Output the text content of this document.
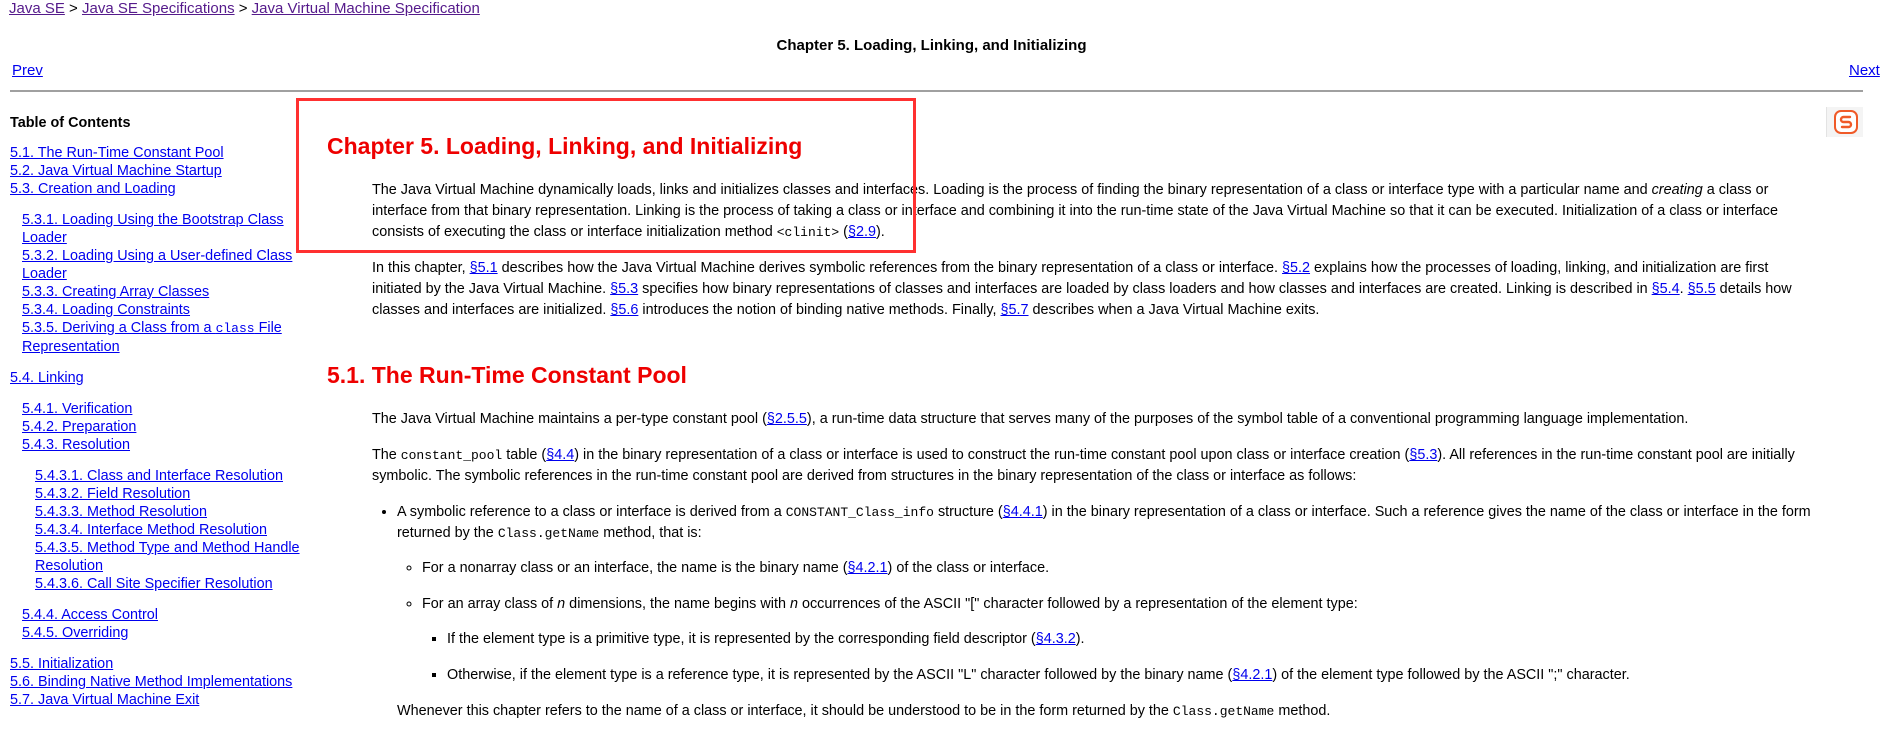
Java SE > Java SE Specifications > Java Virtual Machine Specification
Chapter 5. Loading, Linking, and Initializing
Prev	Next
Table of Contents
5.1. The Run-Time Constant Pool
5.2. Java Virtual Machine Startup
5.3. Creation and Loading
5.3.1. Loading Using the Bootstrap Class Loader
5.3.2. Loading Using a User-defined Class Loader
5.3.3. Creating Array Classes
5.3.4. Loading Constraints
5.3.5. Deriving a Class from a class File Representation
5.4. Linking
5.4.1. Verification
5.4.2. Preparation
5.4.3. Resolution
5.4.3.1. Class and Interface Resolution
5.4.3.2. Field Resolution
5.4.3.3. Method Resolution
5.4.3.4. Interface Method Resolution
5.4.3.5. Method Type and Method Handle Resolution
5.4.3.6. Call Site Specifier Resolution
5.4.4. Access Control
5.4.5. Overriding
5.5. Initialization
5.6. Binding Native Method Implementations
5.7. Java Virtual Machine Exit
Chapter 5. Loading, Linking, and Initializing

The Java Virtual Machine dynamically loads, links and initializes classes and interfaces. Loading is the process of finding the binary representation of a class or interface type with a particular name and creating a class or interface from that binary representation. Linking is the process of taking a class or interface and combining it into the run-time state of the Java Virtual Machine so that it can be executed. Initialization of a class or interface consists of executing the class or interface initialization method <clinit> (§2.9).

In this chapter, §5.1 describes how the Java Virtual Machine derives symbolic references from the binary representation of a class or interface. §5.2 explains how the processes of loading, linking, and initialization are first initiated by the Java Virtual Machine. §5.3 specifies how binary representations of classes and interfaces are loaded by class loaders and how classes and interfaces are created. Linking is described in §5.4. §5.5 details how classes and interfaces are initialized. §5.6 introduces the notion of binding native methods. Finally, §5.7 describes when a Java Virtual Machine exits.

5.1. The Run-Time Constant Pool

The Java Virtual Machine maintains a per-type constant pool (§2.5.5), a run-time data structure that serves many of the purposes of the symbol table of a conventional programming language implementation.

The constant_pool table (§4.4) in the binary representation of a class or interface is used to construct the run-time constant pool upon class or interface creation (§5.3). All references in the run-time constant pool are initially symbolic. The symbolic references in the run-time constant pool are derived from structures in the binary representation of the class or interface as follows:

• A symbolic reference to a class or interface is derived from a CONSTANT_Class_info structure (§4.4.1) in the binary representation of a class or interface. Such a reference gives the name of the class or interface in the form returned by the Class.getName method, that is:
◦ For a nonarray class or an interface, the name is the binary name (§4.2.1) of the class or interface.
◦ For an array class of n dimensions, the name begins with n occurrences of the ASCII "[" character followed by a representation of the element type:
▪ If the element type is a primitive type, it is represented by the corresponding field descriptor (§4.3.2).
▪ Otherwise, if the element type is a reference type, it is represented by the ASCII "L" character followed by the binary name (§4.2.1) of the element type followed by the ASCII ";" character.

Whenever this chapter refers to the name of a class or interface, it should be understood to be in the form returned by the Class.getName method.
